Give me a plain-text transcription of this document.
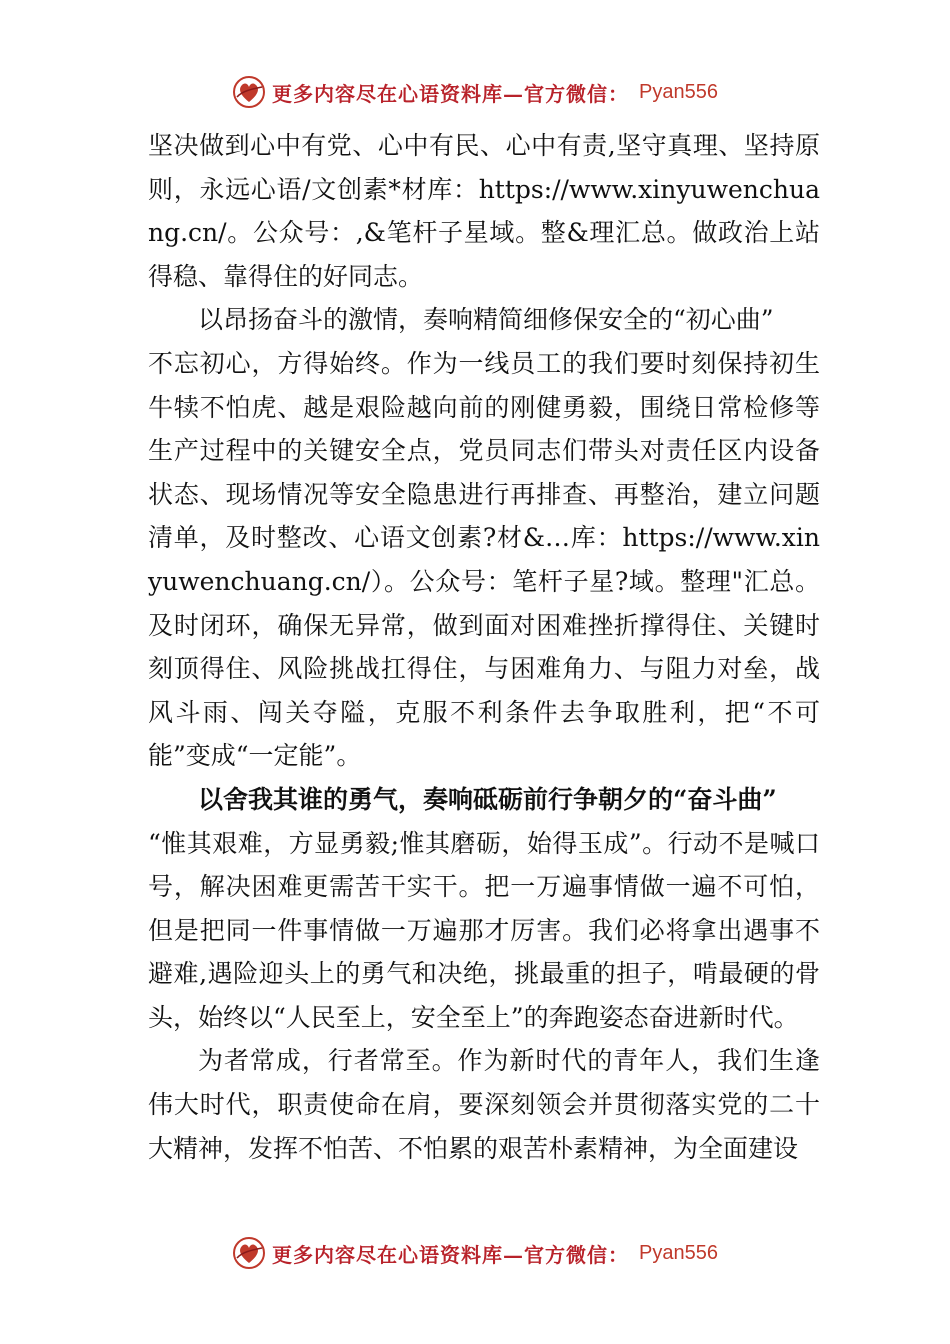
更多内容尽在心语资料库—官方微信： Pyan556

坚决做到心中有党、心中有民、心中有责,坚守真理、坚持原则，永远心语/文创素*材库：https://www.xinyuwenchuang.cn/。公众号：,&笔杆子星域。整&理汇总。做政治上站得稳、靠得住的好同志。

以昂扬奋斗的激情，奏响精简细修保安全的“初心曲”

不忘初心，方得始终。作为一线员工的我们要时刻保持初生牛犊不怕虎、越是艰险越向前的刚健勇毅，围绕日常检修等生产过程中的关键安全点，党员同志们带头对责任区内设备状态、现场情况等安全隐患进行再排查、再整治，建立问题清单，及时整改、心语文创素?材&…库：https://www.xinyuwenchuang.cn/）。公众号：笔杆子星?域。整理"汇总。及时闭环，确保无异常，做到面对困难挫折撑得住、关键时刻顶得住、风险挑战扛得住，与困难角力、与阻力对垒，战风斗雨、闯关夺隘，克服不利条件去争取胜利，把“不可能”变成“一定能”。

以舍我其谁的勇气，奏响砥砺前行争朝夕的“奋斗曲”

“惟其艰难，方显勇毅;惟其磨砺，始得玉成”。行动不是喊口号，解决困难更需苦干实干。把一万遍事情做一遍不可怕，但是把同一件事情做一万遍那才厉害。我们必将拿出遇事不避难,遇险迎头上的勇气和决绝，挑最重的担子，啃最硬的骨头，始终以“人民至上，安全至上”的奔跑姿态奋进新时代。

为者常成，行者常至。作为新时代的青年人，我们生逢伟大时代，职责使命在肩，要深刻领会并贯彻落实党的二十大精神，发挥不怕苦、不怕累的艰苦朴素精神，为全面建设

更多内容尽在心语资料库—官方微信： Pyan556
